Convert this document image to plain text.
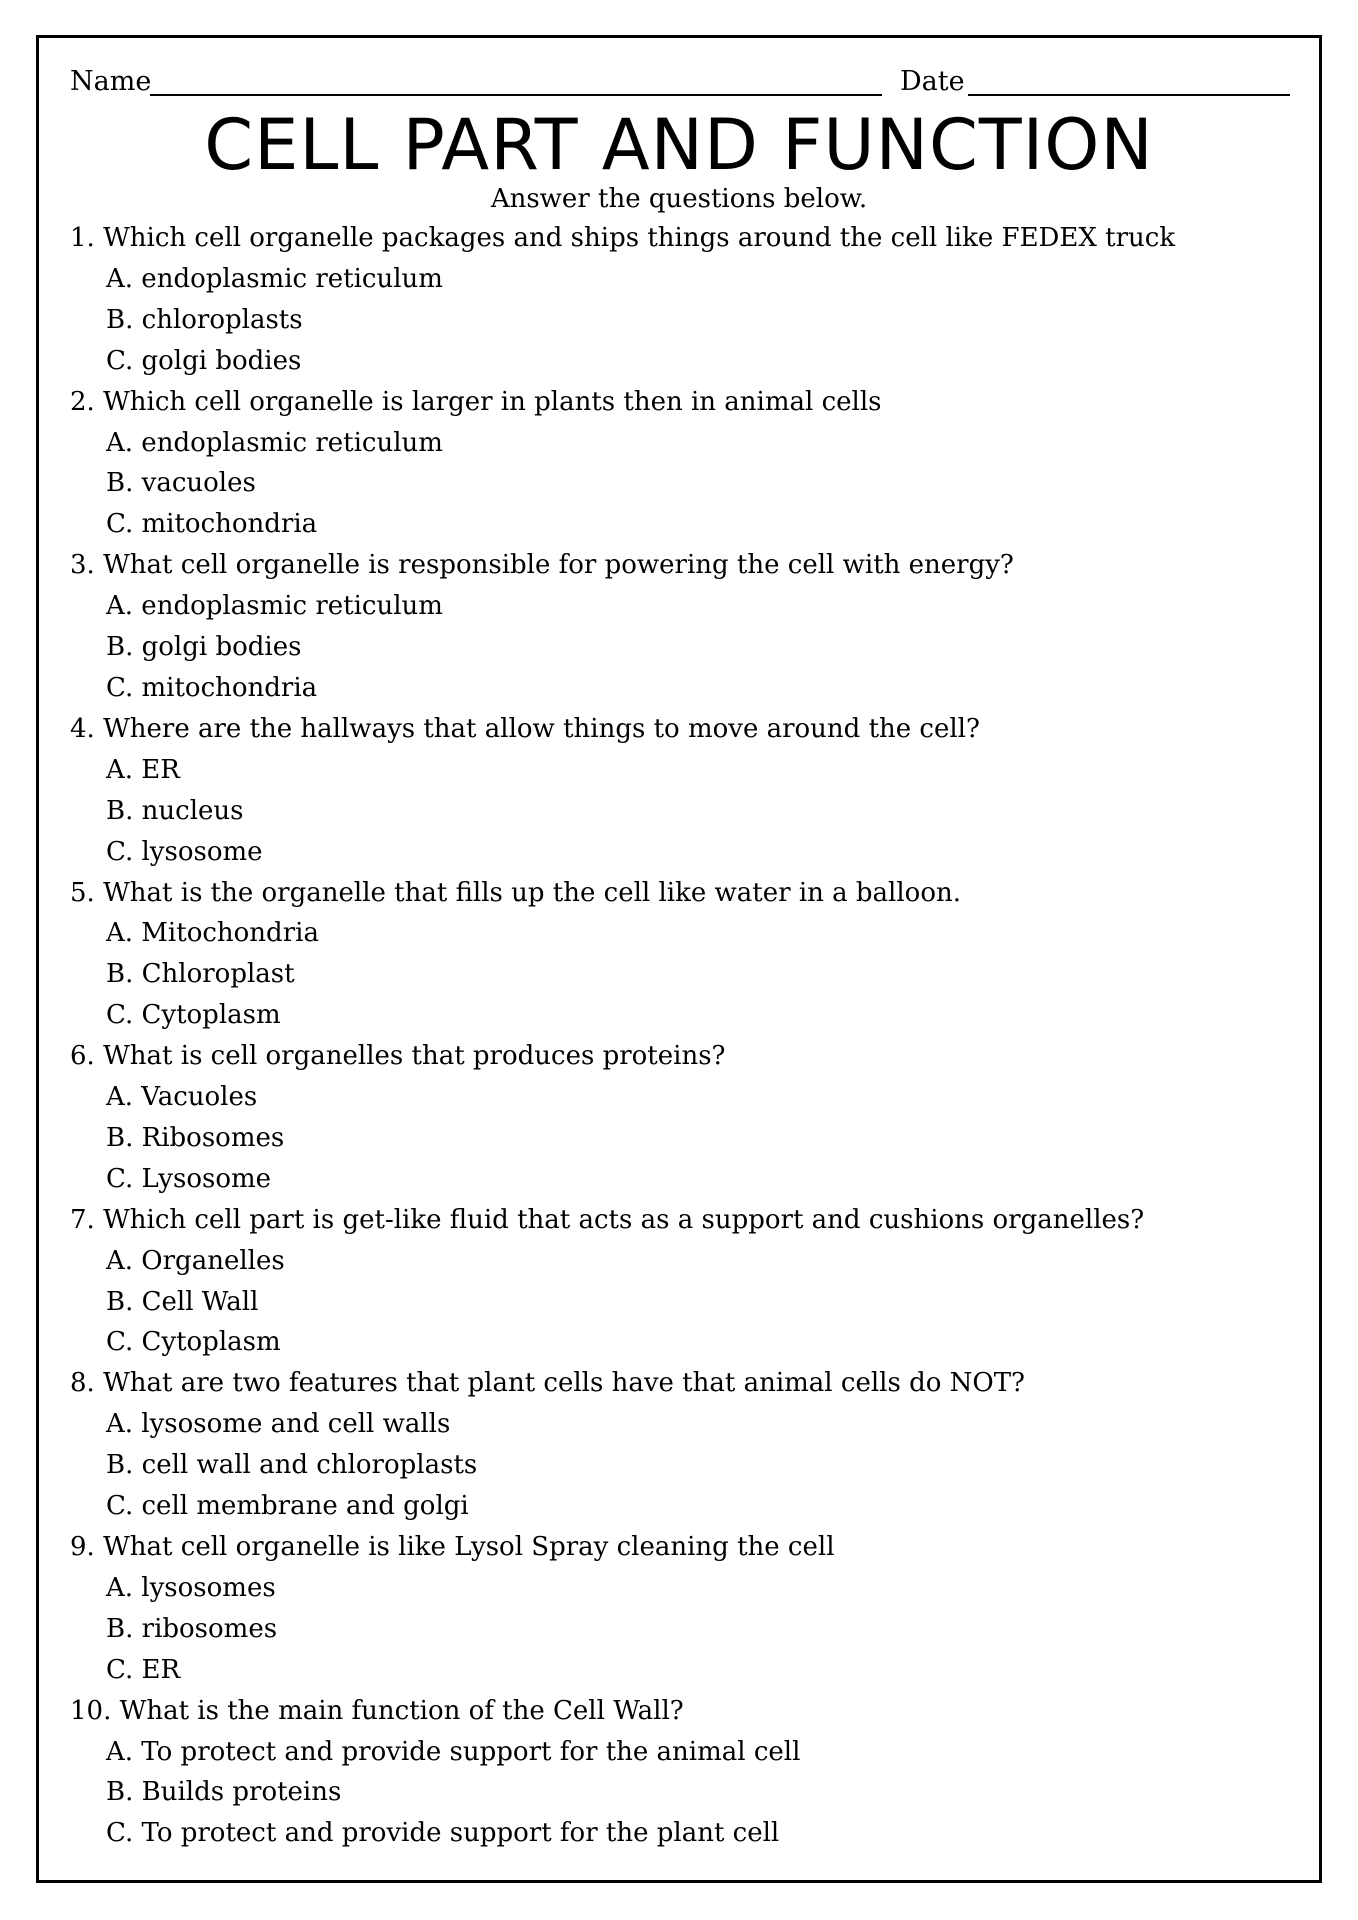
Name	Date
CELL PART AND FUNCTION
Answer the questions below.
1. Which cell organelle packages and ships things around the cell like FEDEX truck
A. endoplasmic reticulum
B. chloroplasts
C. golgi bodies
2. Which cell organelle is larger in plants then in animal cells
A. endoplasmic reticulum
B. vacuoles
C. mitochondria
3. What cell organelle is responsible for powering the cell with energy?
A. endoplasmic reticulum
B. golgi bodies
C. mitochondria
4. Where are the hallways that allow things to move around the cell?
A. ER
B. nucleus
C. lysosome
5. What is the organelle that fills up the cell like water in a balloon.
A. Mitochondria
B. Chloroplast
C. Cytoplasm
6. What is cell organelles that produces proteins?
A. Vacuoles
B. Ribosomes
C. Lysosome
7. Which cell part is get-like fluid that acts as a support and cushions organelles?
A. Organelles
B. Cell Wall
C. Cytoplasm
8. What are two features that plant cells have that animal cells do NOT?
A. lysosome and cell walls
B. cell wall and chloroplasts
C. cell membrane and golgi
9. What cell organelle is like Lysol Spray cleaning the cell
A. lysosomes
B. ribosomes
C. ER
10. What is the main function of the Cell Wall?
A. To protect and provide support for the animal cell
B. Builds proteins
C. To protect and provide support for the plant cell
